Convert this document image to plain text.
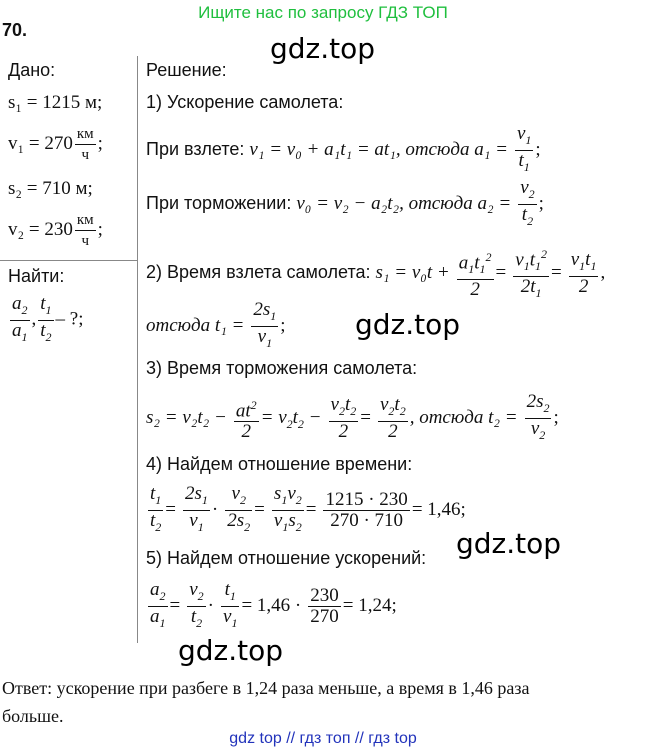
Ищите нас по запросу ГДЗ ТОП
gdz.top
gdz.top
gdz.top
gdz.top
70.
Дано:
s₁ = 1215 м;
$v_1 = 270 \frac{км}{ч}$ ;
s₂ = 710 м;
$v_2 = 230 \frac{км}{ч}$ ;
Найти:
$\frac{a_2}{a_1}$ , $\frac{t_1}{t_2}$ – ?;
Решение:
1) Ускорение самолета:
При взлете: v₁ = v₀ + a₁t₁ = at₁, отсюда $a_1 = \frac{v_1}{t_1}$ ;
При торможении: v₀ = v₂ − a₂t₂, отсюда $a_2 = \frac{v_2}{t_2}$ ;
2) Время взлета самолета: $s_1 = v_0t + \frac{a_1t_1^2}{2} = \frac{v_1t_1^2}{2t_1} = \frac{v_1t_1}{2}$ ,
отсюда $t_1 = \frac{2s_1}{v_1}$ ;
3) Время торможения самолета:
$s_2 = v_2t_2 - \frac{at^2}{2} = v_2t_2 - \frac{v_2t_2}{2} = \frac{v_2t_2}{2}$ , отсюда $t_2 = \frac{2s_2}{v_2}$ ;
4) Найдем отношение времени:
$\frac{t_1}{t_2} = \frac{2s_1}{v_1} \cdot \frac{v_2}{2s_2} = \frac{s_1v_2}{v_1s_2} = \frac{1215 \cdot 230}{270 \cdot 710} = 1,46$;
5) Найдем отношение ускорений:
$\frac{a_2}{a_1} = \frac{v_2}{t_2} \cdot \frac{t_1}{v_1} = 1,46 \cdot \frac{230}{270} = 1,24$;
Ответ: ускорение при разбеге в 1,24 раза меньше, а время в 1,46 раза
больше.
gdz top // гдз топ // гдз top
